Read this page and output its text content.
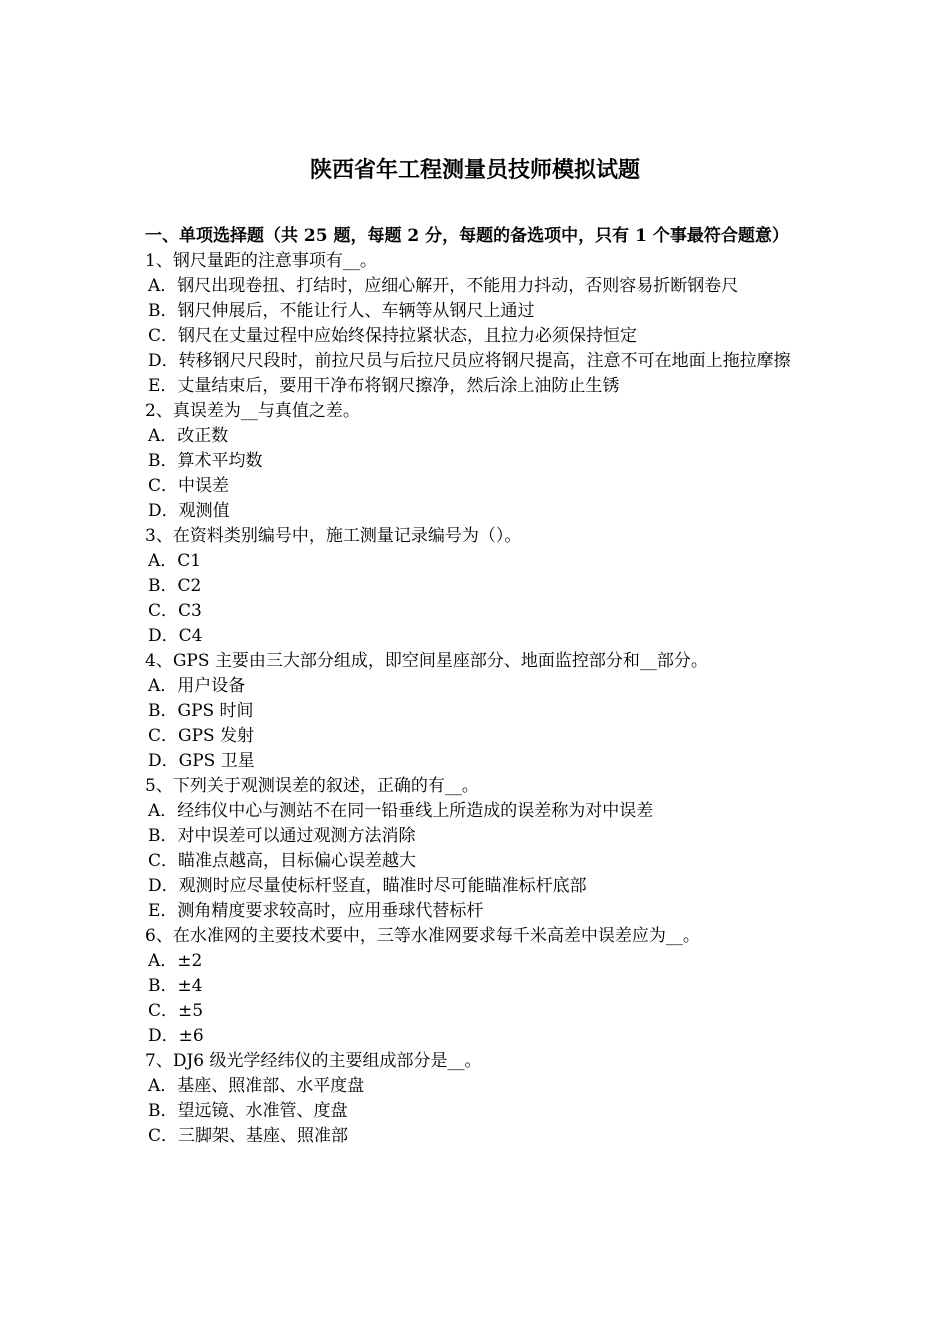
陕西省年工程测量员技师模拟试题

一、单项选择题（共 25 题，每题 2 分，每题的备选项中，只有 1 个事最符合题意）

1、钢尺量距的注意事项有__。

A．钢尺出现卷扭、打结时，应细心解开，不能用力抖动，否则容易折断钢卷尺

B．钢尺伸展后，不能让行人、车辆等从钢尺上通过

C．钢尺在丈量过程中应始终保持拉紧状态，且拉力必须保持恒定

D．转移钢尺尺段时，前拉尺员与后拉尺员应将钢尺提高，注意不可在地面上拖拉摩擦

E．丈量结束后，要用干净布将钢尺擦净，然后涂上油防止生锈

2、真误差为__与真值之差。

A．改正数

B．算术平均数

C．中误差

D．观测值

3、在资料类别编号中，施工测量记录编号为（）。

A．C1

B．C2

C．C3

D．C4

4、GPS 主要由三大部分组成，即空间星座部分、地面监控部分和__部分。

A．用户设备

B．GPS 时间

C．GPS 发射

D．GPS 卫星

5、下列关于观测误差的叙述，正确的有__。

A．经纬仪中心与测站不在同一铅垂线上所造成的误差称为对中误差

B．对中误差可以通过观测方法消除

C．瞄准点越高，目标偏心误差越大

D．观测时应尽量使标杆竖直，瞄准时尽可能瞄准标杆底部

E．测角精度要求较高时，应用垂球代替标杆

6、在水准网的主要技术要中，三等水准网要求每千米高差中误差应为__。

A．±2

B．±4

C．±5

D．±6

7、DJ6 级光学经纬仪的主要组成部分是__。

A．基座、照准部、水平度盘

B．望远镜、水准管、度盘

C．三脚架、基座、照准部
